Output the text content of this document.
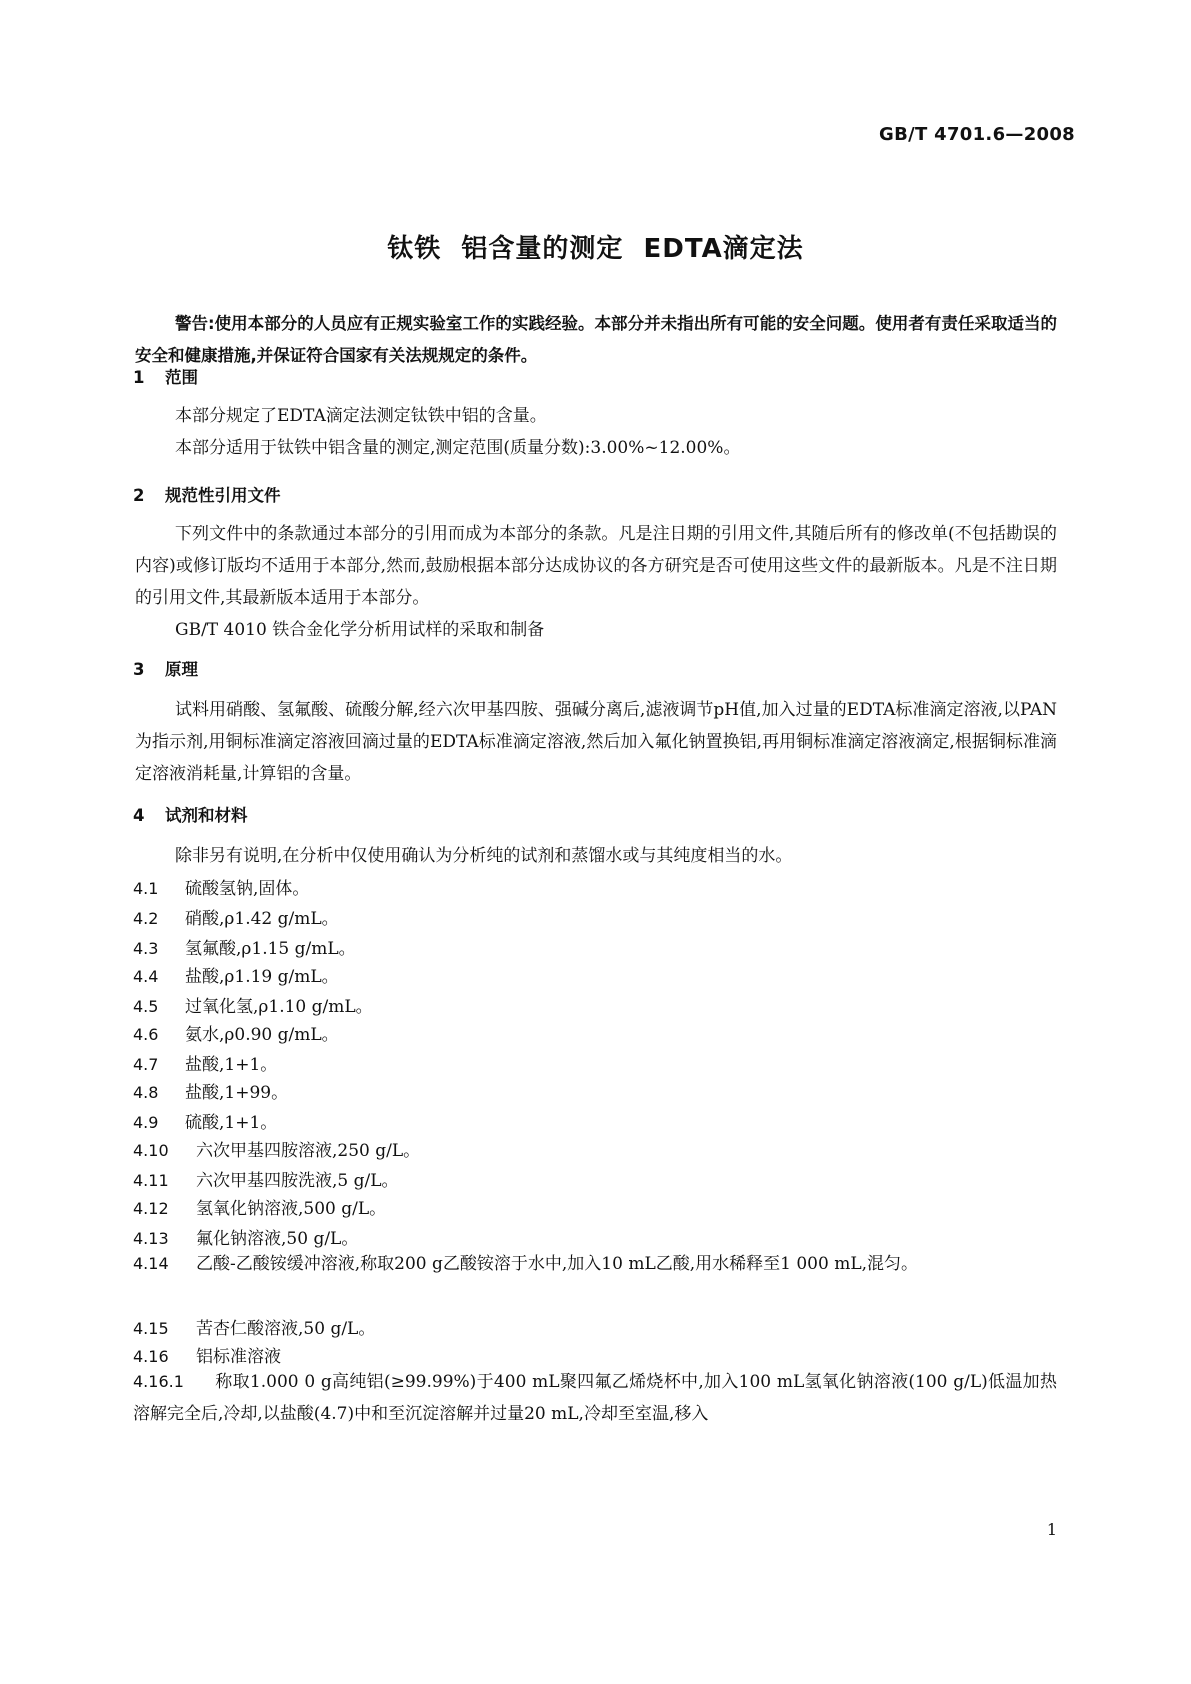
GB/T 4701.6—2008
钛铁  铝含量的测定  EDTA滴定法
警告:使用本部分的人员应有正规实验室工作的实践经验。本部分并未指出所有可能的安全问题。使用者有责任采取适当的安全和健康措施,并保证符合国家有关法规规定的条件。
1 范围
本部分规定了EDTA滴定法测定钛铁中铝的含量。
本部分适用于钛铁中铝含量的测定,测定范围(质量分数):3.00%~12.00%。
2 规范性引用文件
下列文件中的条款通过本部分的引用而成为本部分的条款。凡是注日期的引用文件,其随后所有的修改单(不包括勘误的内容)或修订版均不适用于本部分,然而,鼓励根据本部分达成协议的各方研究是否可使用这些文件的最新版本。凡是不注日期的引用文件,其最新版本适用于本部分。
GB/T 4010 铁合金化学分析用试样的采取和制备
3 原理
试料用硝酸、氢氟酸、硫酸分解,经六次甲基四胺、强碱分离后,滤液调节pH值,加入过量的EDTA标准滴定溶液,以PAN为指示剂,用铜标准滴定溶液回滴过量的EDTA标准滴定溶液,然后加入氟化钠置换铝,再用铜标准滴定溶液滴定,根据铜标准滴定溶液消耗量,计算铝的含量。
4 试剂和材料
除非另有说明,在分析中仅使用确认为分析纯的试剂和蒸馏水或与其纯度相当的水。
4.1 硫酸氢钠,固体。
4.2 硝酸,ρ1.42 g/mL。
4.3 氢氟酸,ρ1.15 g/mL。
4.4 盐酸,ρ1.19 g/mL。
4.5 过氧化氢,ρ1.10 g/mL。
4.6 氨水,ρ0.90 g/mL。
4.7 盐酸,1+1。
4.8 盐酸,1+99。
4.9 硫酸,1+1。
4.10 六次甲基四胺溶液,250 g/L。
4.11 六次甲基四胺洗液,5 g/L。
4.12 氢氧化钠溶液,500 g/L。
4.13 氟化钠溶液,50 g/L。
4.14 乙酸-乙酸铵缓冲溶液,称取200 g乙酸铵溶于水中,加入10 mL乙酸,用水稀释至1 000 mL,混匀。
4.15 苦杏仁酸溶液,50 g/L。
4.16 铝标准溶液
4.16.1 称取1.000 0 g高纯铝(≥99.99%)于400 mL聚四氟乙烯烧杯中,加入100 mL氢氧化钠溶液(100 g/L)低温加热溶解完全后,冷却,以盐酸(4.7)中和至沉淀溶解并过量20 mL,冷却至室温,移入
1
